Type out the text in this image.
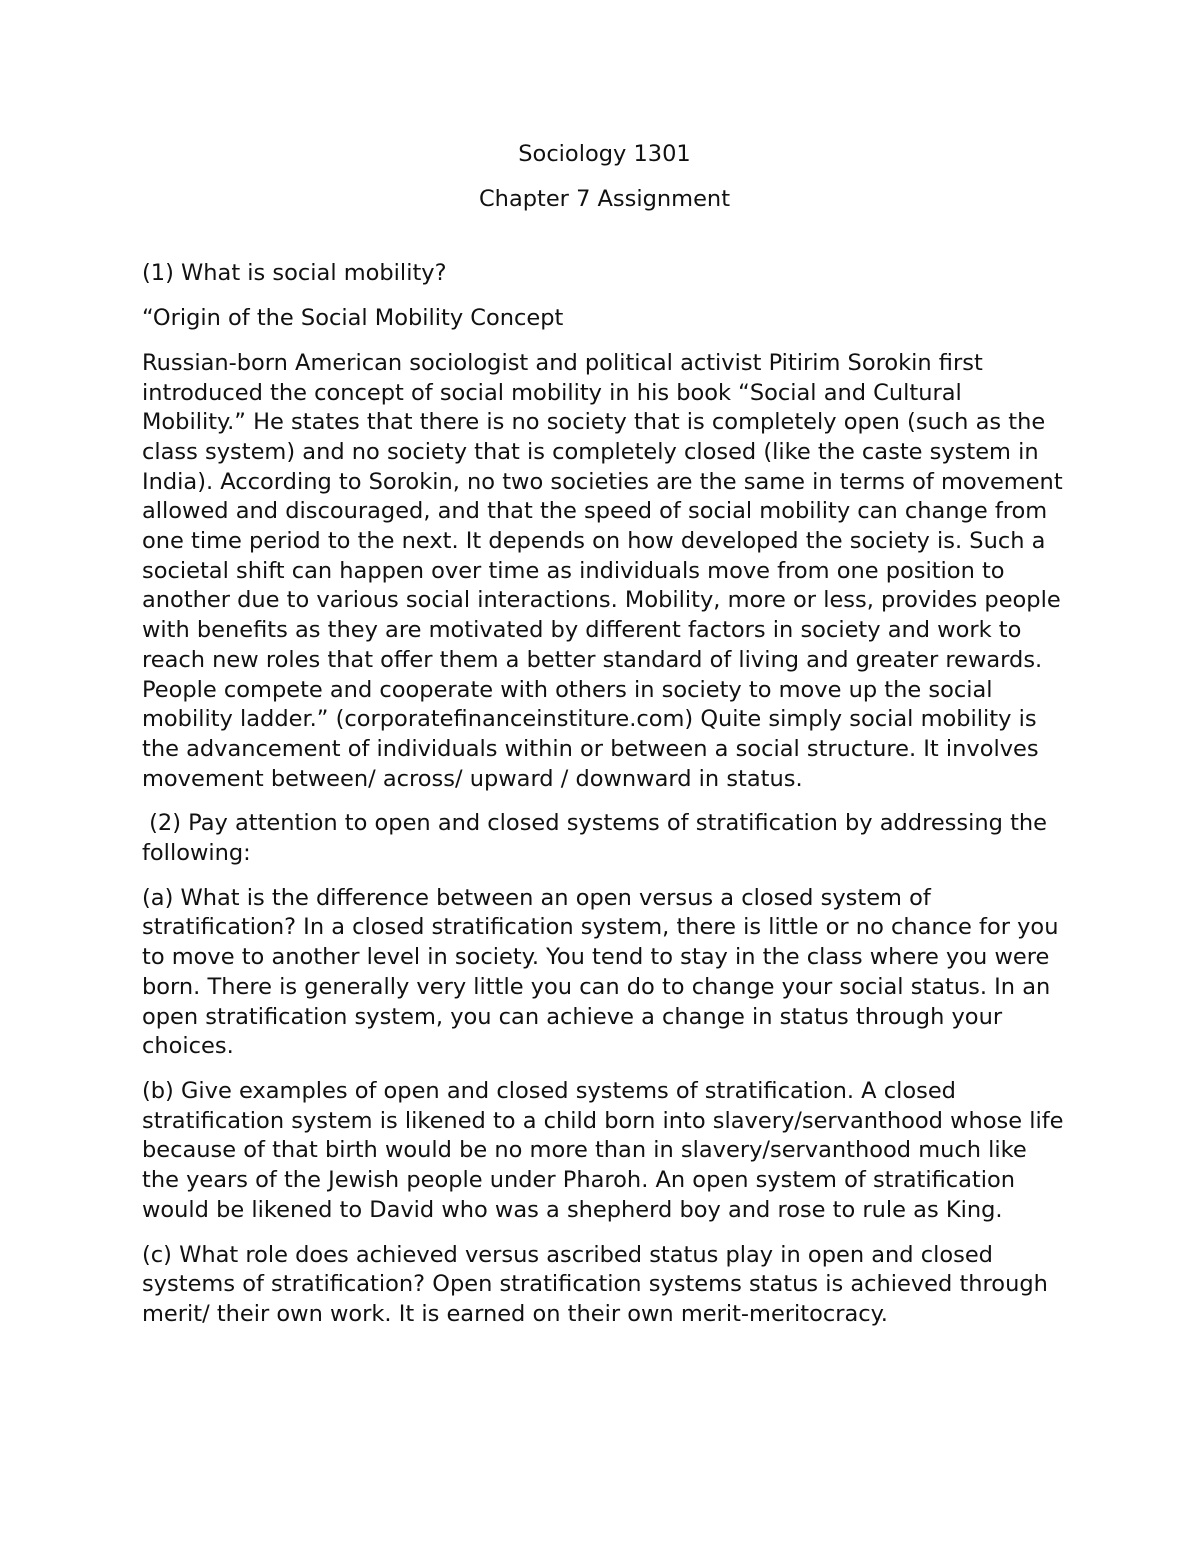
Sociology 1301
Chapter 7 Assignment

(1) What is social mobility?

“Origin of the Social Mobility Concept

Russian-born American sociologist and political activist Pitirim Sorokin first introduced the concept of social mobility in his book “Social and Cultural Mobility.” He states that there is no society that is completely open (such as the class system) and no society that is completely closed (like the caste system in India). According to Sorokin, no two societies are the same in terms of movement allowed and discouraged, and that the speed of social mobility can change from one time period to the next. It depends on how developed the society is. Such a societal shift can happen over time as individuals move from one position to another due to various social interactions. Mobility, more or less, provides people with benefits as they are motivated by different factors in society and work to reach new roles that offer them a better standard of living and greater rewards. People compete and cooperate with others in society to move up the social mobility ladder.” (corporatefinanceinstiture.com) Quite simply social mobility is the advancement of individuals within or between a social structure. It involves movement between/ across/ upward / downward in status.

(2) Pay attention to open and closed systems of stratification by addressing the following:

(a) What is the difference between an open versus a closed system of stratification? In a closed stratification system, there is little or no chance for you to move to another level in society. You tend to stay in the class where you were born. There is generally very little you can do to change your social status. In an open stratification system, you can achieve a change in status through your choices.

(b) Give examples of open and closed systems of stratification. A closed stratification system is likened to a child born into slavery/servanthood whose life because of that birth would be no more than in slavery/servanthood much like the years of the Jewish people under Pharoh. An open system of stratification would be likened to David who was a shepherd boy and rose to rule as King.

(c) What role does achieved versus ascribed status play in open and closed systems of stratification? Open stratification systems status is achieved through merit/ their own work. It is earned on their own merit-meritocracy.
